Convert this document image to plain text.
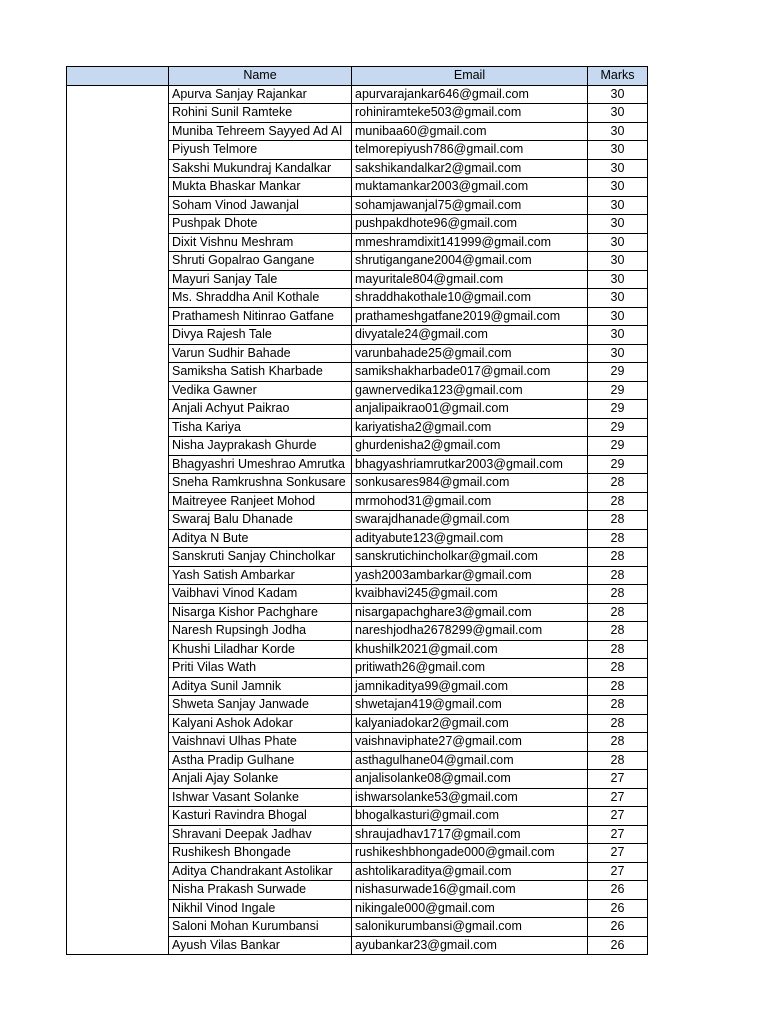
	Name	Email	Marks
	Apurva Sanjay Rajankar	apurvarajankar646@gmail.com	30
	Rohini Sunil Ramteke	rohiniramteke503@gmail.com	30
	Muniba Tehreem Sayyed Ad Al	munibaa60@gmail.com	30
	Piyush Telmore	telmorepiyush786@gmail.com	30
	Sakshi Mukundraj Kandalkar	sakshikandalkar2@gmail.com	30
	Mukta Bhaskar Mankar	muktamankar2003@gmail.com	30
	Soham Vinod Jawanjal	sohamjawanjal75@gmail.com	30
	Pushpak Dhote	pushpakdhote96@gmail.com	30
	Dixit Vishnu Meshram	mmeshramdixit141999@gmail.com	30
	Shruti Gopalrao Gangane	shrutigangane2004@gmail.com	30
	Mayuri Sanjay Tale	mayuritale804@gmail.com	30
	Ms. Shraddha Anil Kothale	shraddhakothale10@gmail.com	30
	Prathamesh Nitinrao Gatfane	prathameshgatfane2019@gmail.com	30
	Divya Rajesh Tale	divyatale24@gmail.com	30
	Varun Sudhir Bahade	varunbahade25@gmail.com	30
	Samiksha Satish Kharbade	samikshakharbade017@gmail.com	29
	Vedika Gawner	gawnervedika123@gmail.com	29
	Anjali Achyut Paikrao	anjalipaikrao01@gmail.com	29
	Tisha Kariya	kariyatisha2@gmail.com	29
	Nisha Jayprakash Ghurde	ghurdenisha2@gmail.com	29
	Bhagyashri Umeshrao Amrutka	bhagyashriamrutkar2003@gmail.com	29
	Sneha Ramkrushna Sonkusare	sonkusares984@gmail.com	28
	Maitreyee Ranjeet Mohod	mrmohod31@gmail.com	28
	Swaraj Balu Dhanade	swarajdhanade@gmail.com	28
	Aditya N Bute	adityabute123@gmail.com	28
	Sanskruti Sanjay Chincholkar	sanskrutichincholkar@gmail.com	28
	Yash Satish Ambarkar	yash2003ambarkar@gmail.com	28
	Vaibhavi Vinod Kadam	kvaibhavi245@gmail.com	28
	Nisarga Kishor Pachghare	nisargapachghare3@gmail.com	28
	Naresh Rupsingh Jodha	nareshjodha2678299@gmail.com	28
	Khushi Liladhar Korde	khushilk2021@gmail.com	28
	Priti Vilas Wath	pritiwath26@gmail.com	28
	Aditya Sunil Jamnik	jamnikaditya99@gmail.com	28
	Shweta Sanjay Janwade	shwetajan419@gmail.com	28
	Kalyani Ashok Adokar	kalyaniadokar2@gmail.com	28
	Vaishnavi Ulhas Phate	vaishnaviphate27@gmail.com	28
	Astha Pradip Gulhane	asthagulhane04@gmail.com	28
	Anjali Ajay Solanke	anjalisolanke08@gmail.com	27
	Ishwar Vasant Solanke	ishwarsolanke53@gmail.com	27
	Kasturi Ravindra Bhogal	bhogalkasturi@gmail.com	27
	Shravani Deepak Jadhav	shraujadhav1717@gmail.com	27
	Rushikesh Bhongade	rushikeshbhongade000@gmail.com	27
	Aditya Chandrakant Astolikar	ashtolikaraditya@gmail.com	27
	Nisha Prakash Surwade	nishasurwade16@gmail.com	26
	Nikhil Vinod Ingale	nikingale000@gmail.com	26
	Saloni Mohan Kurumbansi	salonikurumbansi@gmail.com	26
	Ayush Vilas Bankar	ayubankar23@gmail.com	26
